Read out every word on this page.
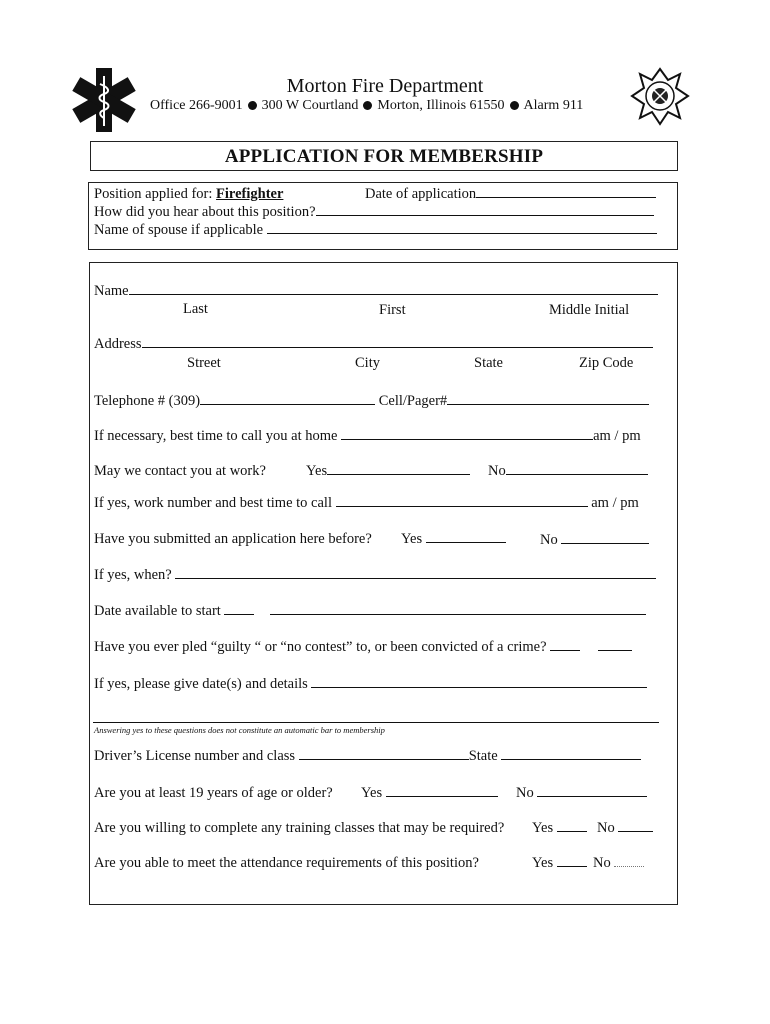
Morton Fire Department
Office 266-9001 300 W Courtland Morton, Illinois 61550 Alarm 911
APPLICATION FOR MEMBERSHIP
Position applied for: Firefighter	Date of application
How did you hear about this position?
Name of spouse if applicable
Name
Last	First	Middle Initial
Address
Street	City	State	Zip Code
Telephone # (309)	Cell/Pager#
If necessary, best time to call you at home	am / pm
May we contact you at work?	Yes	No
If yes, work number and best time to call	am / pm
Have you submitted an application here before? Yes	No
If yes, when?
Date available to start
Have you ever pled “guilty “ or “no contest” to, or been convicted of a crime?
If yes, please give date(s) and details
Answering yes to these questions does not constitute an automatic bar to membership
Driver’s License number and class	State
Are you at least 19 years of age or older? Yes	No
Are you willing to complete any training classes that may be required? Yes	No
Are you able to meet the attendance requirements of this position?	Yes	No
